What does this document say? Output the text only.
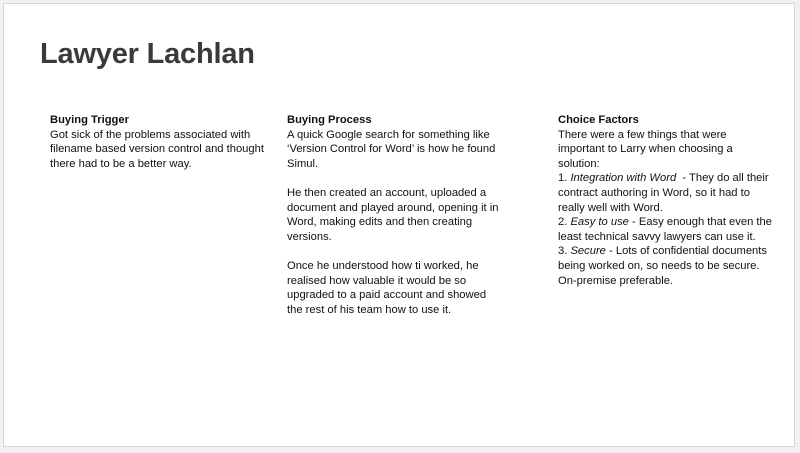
Lawyer Lachlan
Buying Trigger
Got sick of the problems associated with filename based version control and thought there had to be a better way.
Buying Process
A quick Google search for something like ‘Version Control for Word’ is how he found Simul.
He then created an account, uploaded a document and played around, opening it in Word, making edits and then creating versions.
Once he understood how ti worked, he realised how valuable it would be so upgraded to a paid account and showed the rest of his team how to use it.
Choice Factors
There were a few things that were important to Larry when choosing a solution:
1. Integration with Word  - They do all their contract authoring in Word, so it had to really well with Word.
2. Easy to use - Easy enough that even the least technical savvy lawyers can use it.
3. Secure - Lots of confidential documents being worked on, so needs to be secure. On-premise preferable.
